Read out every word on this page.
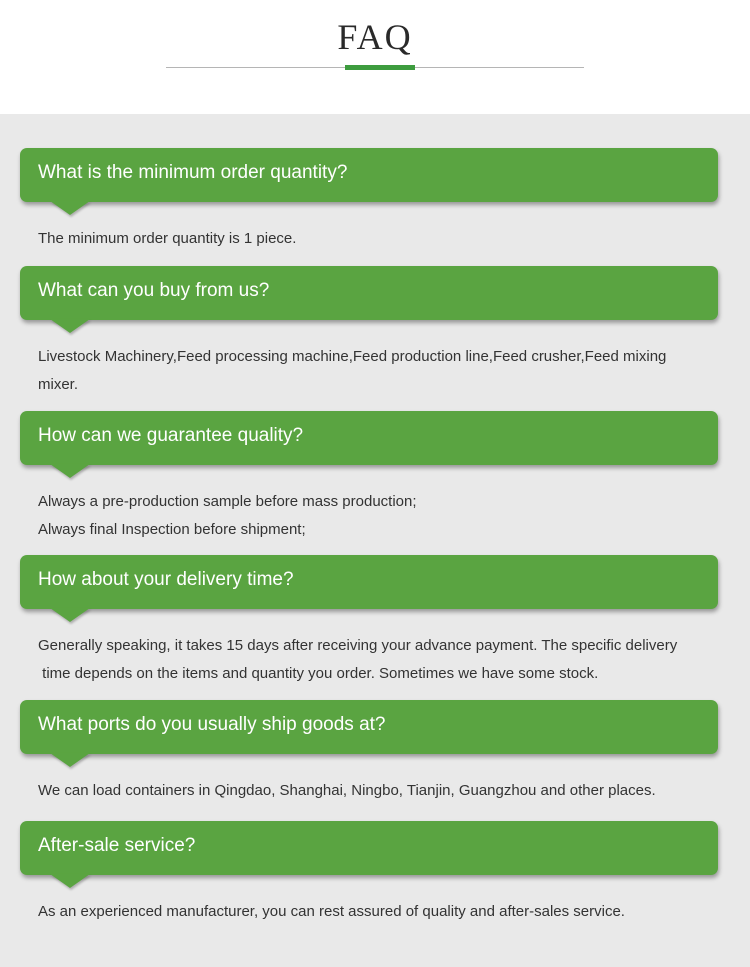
FAQ
What is the minimum order quantity?

The minimum order quantity is 1 piece.

What can you buy from us?

Livestock Machinery,Feed processing machine,Feed production line,Feed crusher,Feed mixing

mixer.

How can we guarantee quality?

Always a pre-production sample before mass production;

Always final Inspection before shipment;

How about your delivery time?

Generally speaking, it takes 15 days after receiving your advance payment. The specific delivery

time depends on the items and quantity you order. Sometimes we have some stock.

What ports do you usually ship goods at?

We can load containers in Qingdao, Shanghai, Ningbo, Tianjin, Guangzhou and other places.

After-sale service?

As an experienced manufacturer, you can rest assured of quality and after-sales service.
